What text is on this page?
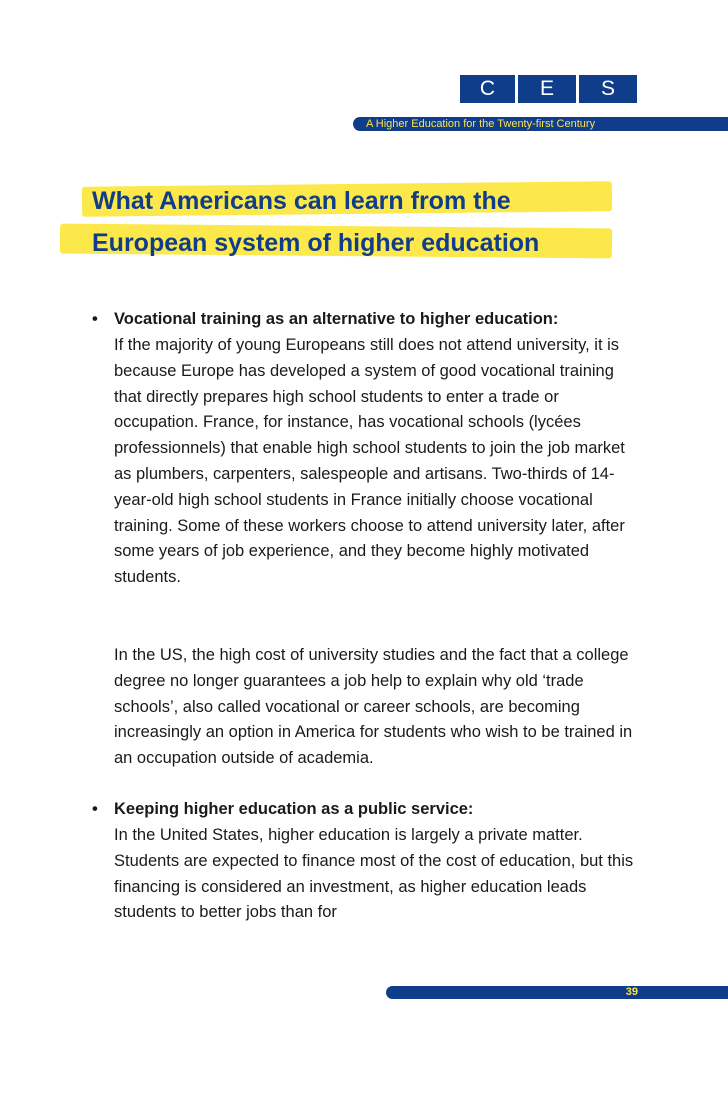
C	E	S
A Higher Education for the Twenty-first Century
What Americans can learn from the
European system of higher education
• Vocational training as an alternative to higher education:

If the majority of young Europeans still does not attend university, it is because Europe has developed a system of good vocational training that directly prepares high school students to enter a trade or occupation. France, for instance, has vocational schools (lycées professionnels) that enable high school students to join the job market as plumbers, carpenters, salespeople and artisans. Two-thirds of 14-year-old high school students in France initially choose vocational training. Some of these workers choose to attend university later, after some years of job experience, and they become highly motivated students.

In the US, the high cost of university studies and the fact that a college degree no longer guarantees a job help to explain why old ‘trade schools’, also called vocational or career schools, are becoming increasingly an option in America for students who wish to be trained in an occupation outside of academia.

• Keeping higher education as a public service:

In the United States, higher education is largely a private matter. Students are expected to finance most of the cost of education, but this financing is considered an investment, as higher education leads students to better jobs than for

39
